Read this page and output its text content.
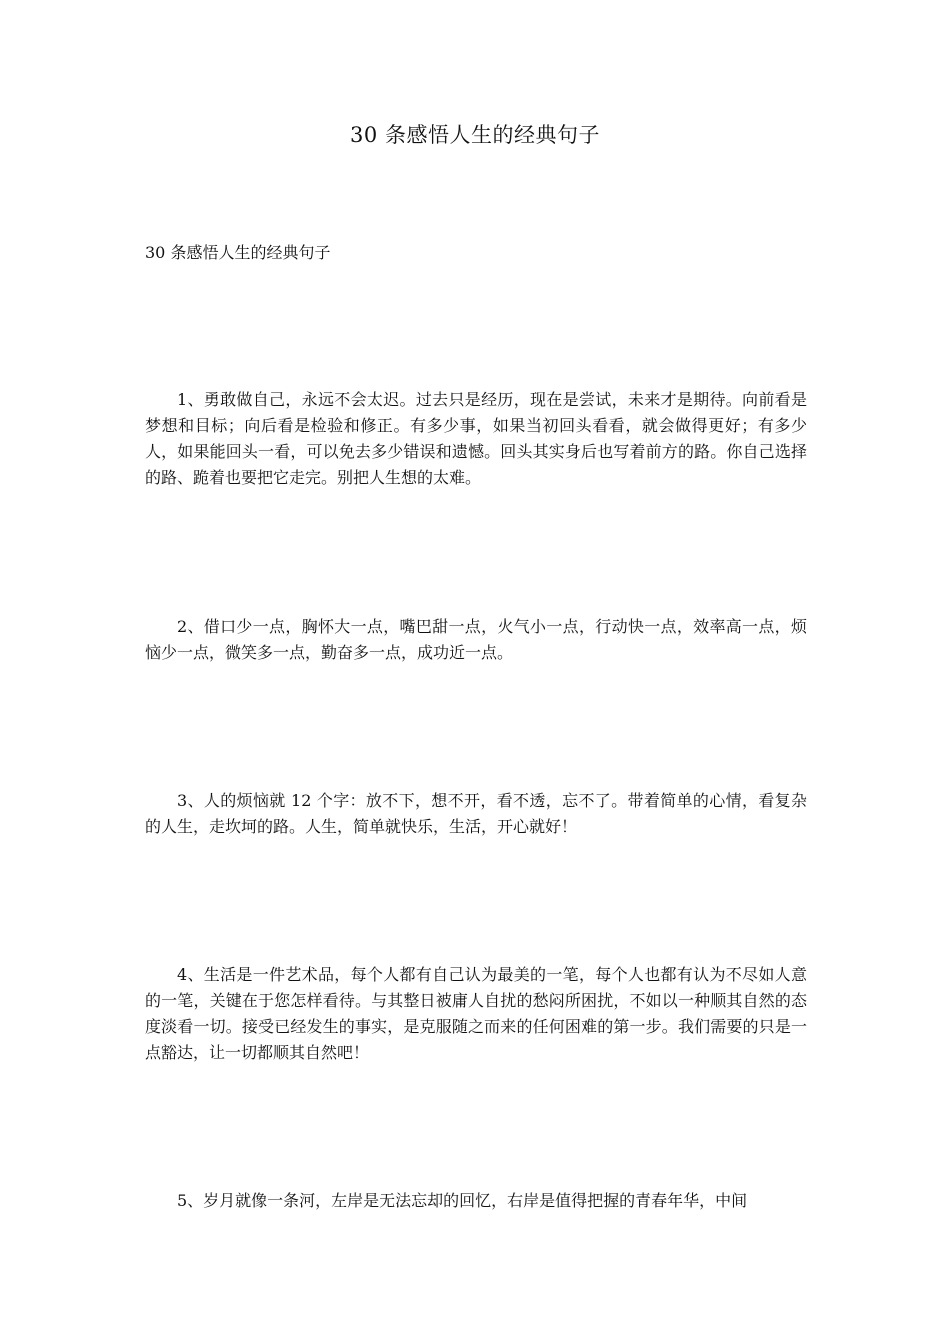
30 条感悟人生的经典句子
30 条感悟人生的经典句子

1、勇敢做自己，永远不会太迟。过去只是经历，现在是尝试，未来才是期待。向前看是梦想和目标；向后看是检验和修正。有多少事，如果当初回头看看，就会做得更好；有多少人，如果能回头一看，可以免去多少错误和遗憾。回头其实身后也写着前方的路。你自己选择的路、跪着也要把它走完。别把人生想的太难。

2、借口少一点，胸怀大一点，嘴巴甜一点，火气小一点，行动快一点，效率高一点，烦恼少一点，微笑多一点，勤奋多一点，成功近一点。

3、人的烦恼就 12 个字：放不下，想不开，看不透，忘不了。带着简单的心情，看复杂的人生，走坎坷的路。人生，简单就快乐，生活，开心就好！

4、生活是一件艺术品，每个人都有自己认为最美的一笔，每个人也都有认为不尽如人意的一笔，关键在于您怎样看待。与其整日被庸人自扰的愁闷所困扰，不如以一种顺其自然的态度淡看一切。接受已经发生的事实，是克服随之而来的任何困难的第一步。我们需要的只是一点豁达，让一切都顺其自然吧！

5、岁月就像一条河，左岸是无法忘却的回忆，右岸是值得把握的青春年华，中间
